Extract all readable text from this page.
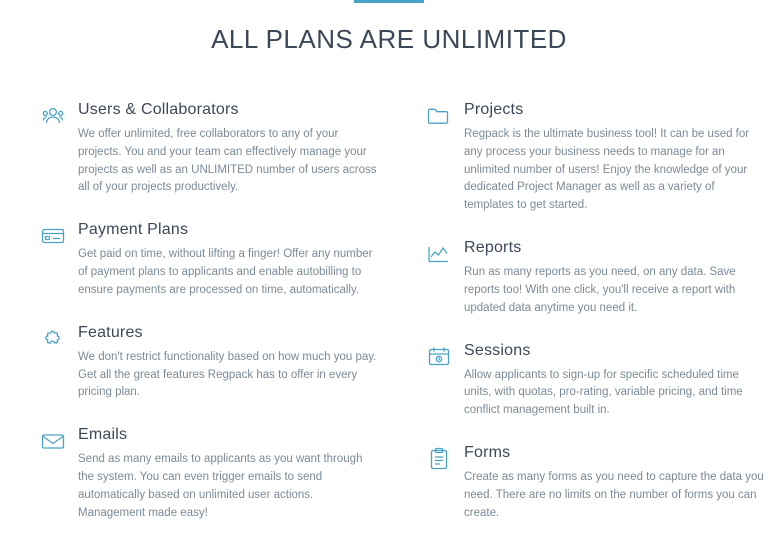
ALL PLANS ARE UNLIMITED
Users & Collaborators

We offer unlimited, free collaborators to any of your projects. You and your team can effectively manage your projects as well as an UNLIMITED number of users across all of your projects productively.

Payment Plans

Get paid on time, without lifting a finger! Offer any number of payment plans to applicants and enable autobilling to ensure payments are processed on time, automatically.

Features

We don't restrict functionality based on how much you pay. Get all the great features Regpack has to offer in every pricing plan.

Emails

Send as many emails to applicants as you want through the system. You can even trigger emails to send automatically based on unlimited user actions. Management made easy!

Projects

Regpack is the ultimate business tool! It can be used for any process your business needs to manage for an unlimited number of users! Enjoy the knowledge of your dedicated Project Manager as well as a variety of templates to get started.

Reports

Run as many reports as you need, on any data. Save reports too! With one click, you'll receive a report with updated data anytime you need it.

Sessions

Allow applicants to sign-up for specific scheduled time units, with quotas, pro-rating, variable pricing, and time conflict management built in.

Forms

Create as many forms as you need to capture the data you need. There are no limits on the number of forms you can create.
